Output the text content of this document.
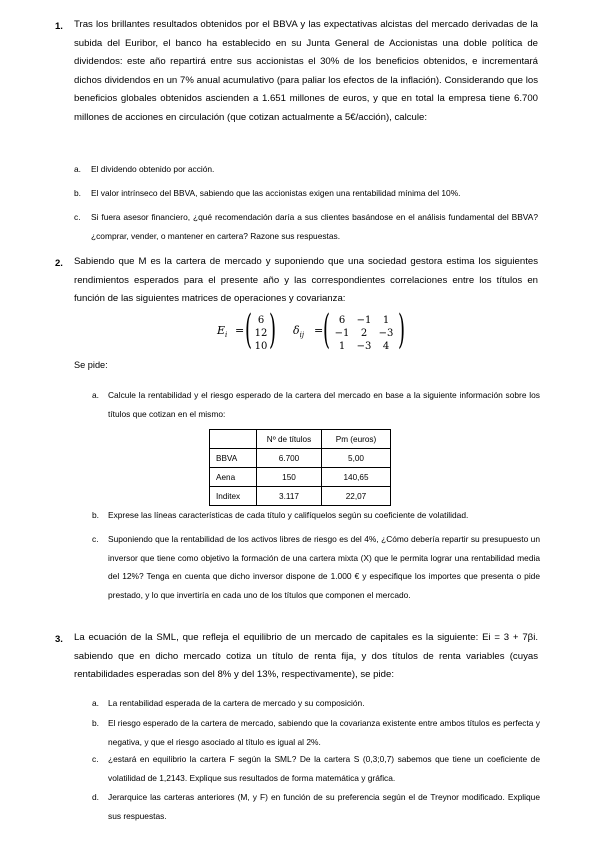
1. Tras los brillantes resultados obtenidos por el BBVA y las expectativas alcistas del mercado derivadas de la subida del Euribor, el banco ha establecido en su Junta General de Accionistas una doble política de dividendos: este año repartirá entre sus accionistas el 30% de los beneficios obtenidos, e incrementará dichos dividendos en un 7% anual acumulativo (para paliar los efectos de la inflación). Considerando que los beneficios globales obtenidos ascienden a 1.651 millones de euros, y que en total la empresa tiene 6.700 millones de acciones en circulación (que cotizan actualmente a 5€/acción), calcule:
a.	El dividendo obtenido por acción.
b.	El valor intrínseco del BBVA, sabiendo que las accionistas exigen una rentabilidad mínima del 10%.
c.	Si fuera asesor financiero, ¿qué recomendación daría a sus clientes basándose en el análisis fundamental del BBVA? ¿comprar, vender, o mantener en cartera? Razone sus respuestas.
2. Sabiendo que M es la cartera de mercado y suponiendo que una sociedad gestora estima los siguientes rendimientos esperados para el presente año y las correspondientes correlaciones entre los títulos en función de las siguientes matrices de operaciones y covarianza:
$E_i$ = ( 6
12
10 ) $\delta_{ij}$ = ( 6	−1	1
−1	2	−3
1	−3	4 )
Se pide:
a.	Calcule la rentabilidad y el riesgo esperado de la cartera del mercado en base a la siguiente información sobre los títulos que cotizan en el mismo:
	Nº de títulos	Pm (euros)
BBVA	6.700	5,00
Aena	150	140,65
Inditex	3.117	22,07
b.	Exprese las líneas características de cada título y califíquelos según su coeficiente de volatilidad.
c.	Suponiendo que la rentabilidad de los activos libres de riesgo es del 4%, ¿Cómo debería repartir su presupuesto un inversor que tiene como objetivo la formación de una cartera mixta (X) que le permita lograr una rentabilidad media del 12%? Tenga en cuenta que dicho inversor dispone de 1.000 € y especifique los importes que presenta o pide prestado, y lo que invertiría en cada uno de los títulos que componen el mercado.
3. La ecuación de la SML, que refleja el equilibrio de un mercado de capitales es la siguiente: Ei = 3 + 7βi. sabiendo que en dicho mercado cotiza un título de renta fija, y dos títulos de renta variables (cuyas rentabilidades esperadas son del 8% y del 13%, respectivamente), se pide:
a.	La rentabilidad esperada de la cartera de mercado y su composición.
b.	El riesgo esperado de la cartera de mercado, sabiendo que la covarianza existente entre ambos títulos es perfecta y negativa, y que el riesgo asociado al título es igual al 2%.
c.	¿estará en equilibrio la cartera F según la SML? De la cartera S (0,3;0,7) sabemos que tiene un coeficiente de volatilidad de 1,2143. Explique sus resultados de forma matemática y gráfica.
d.	Jerarquice las carteras anteriores (M, y F) en función de su preferencia según el de Treynor modificado. Explique sus respuestas.
